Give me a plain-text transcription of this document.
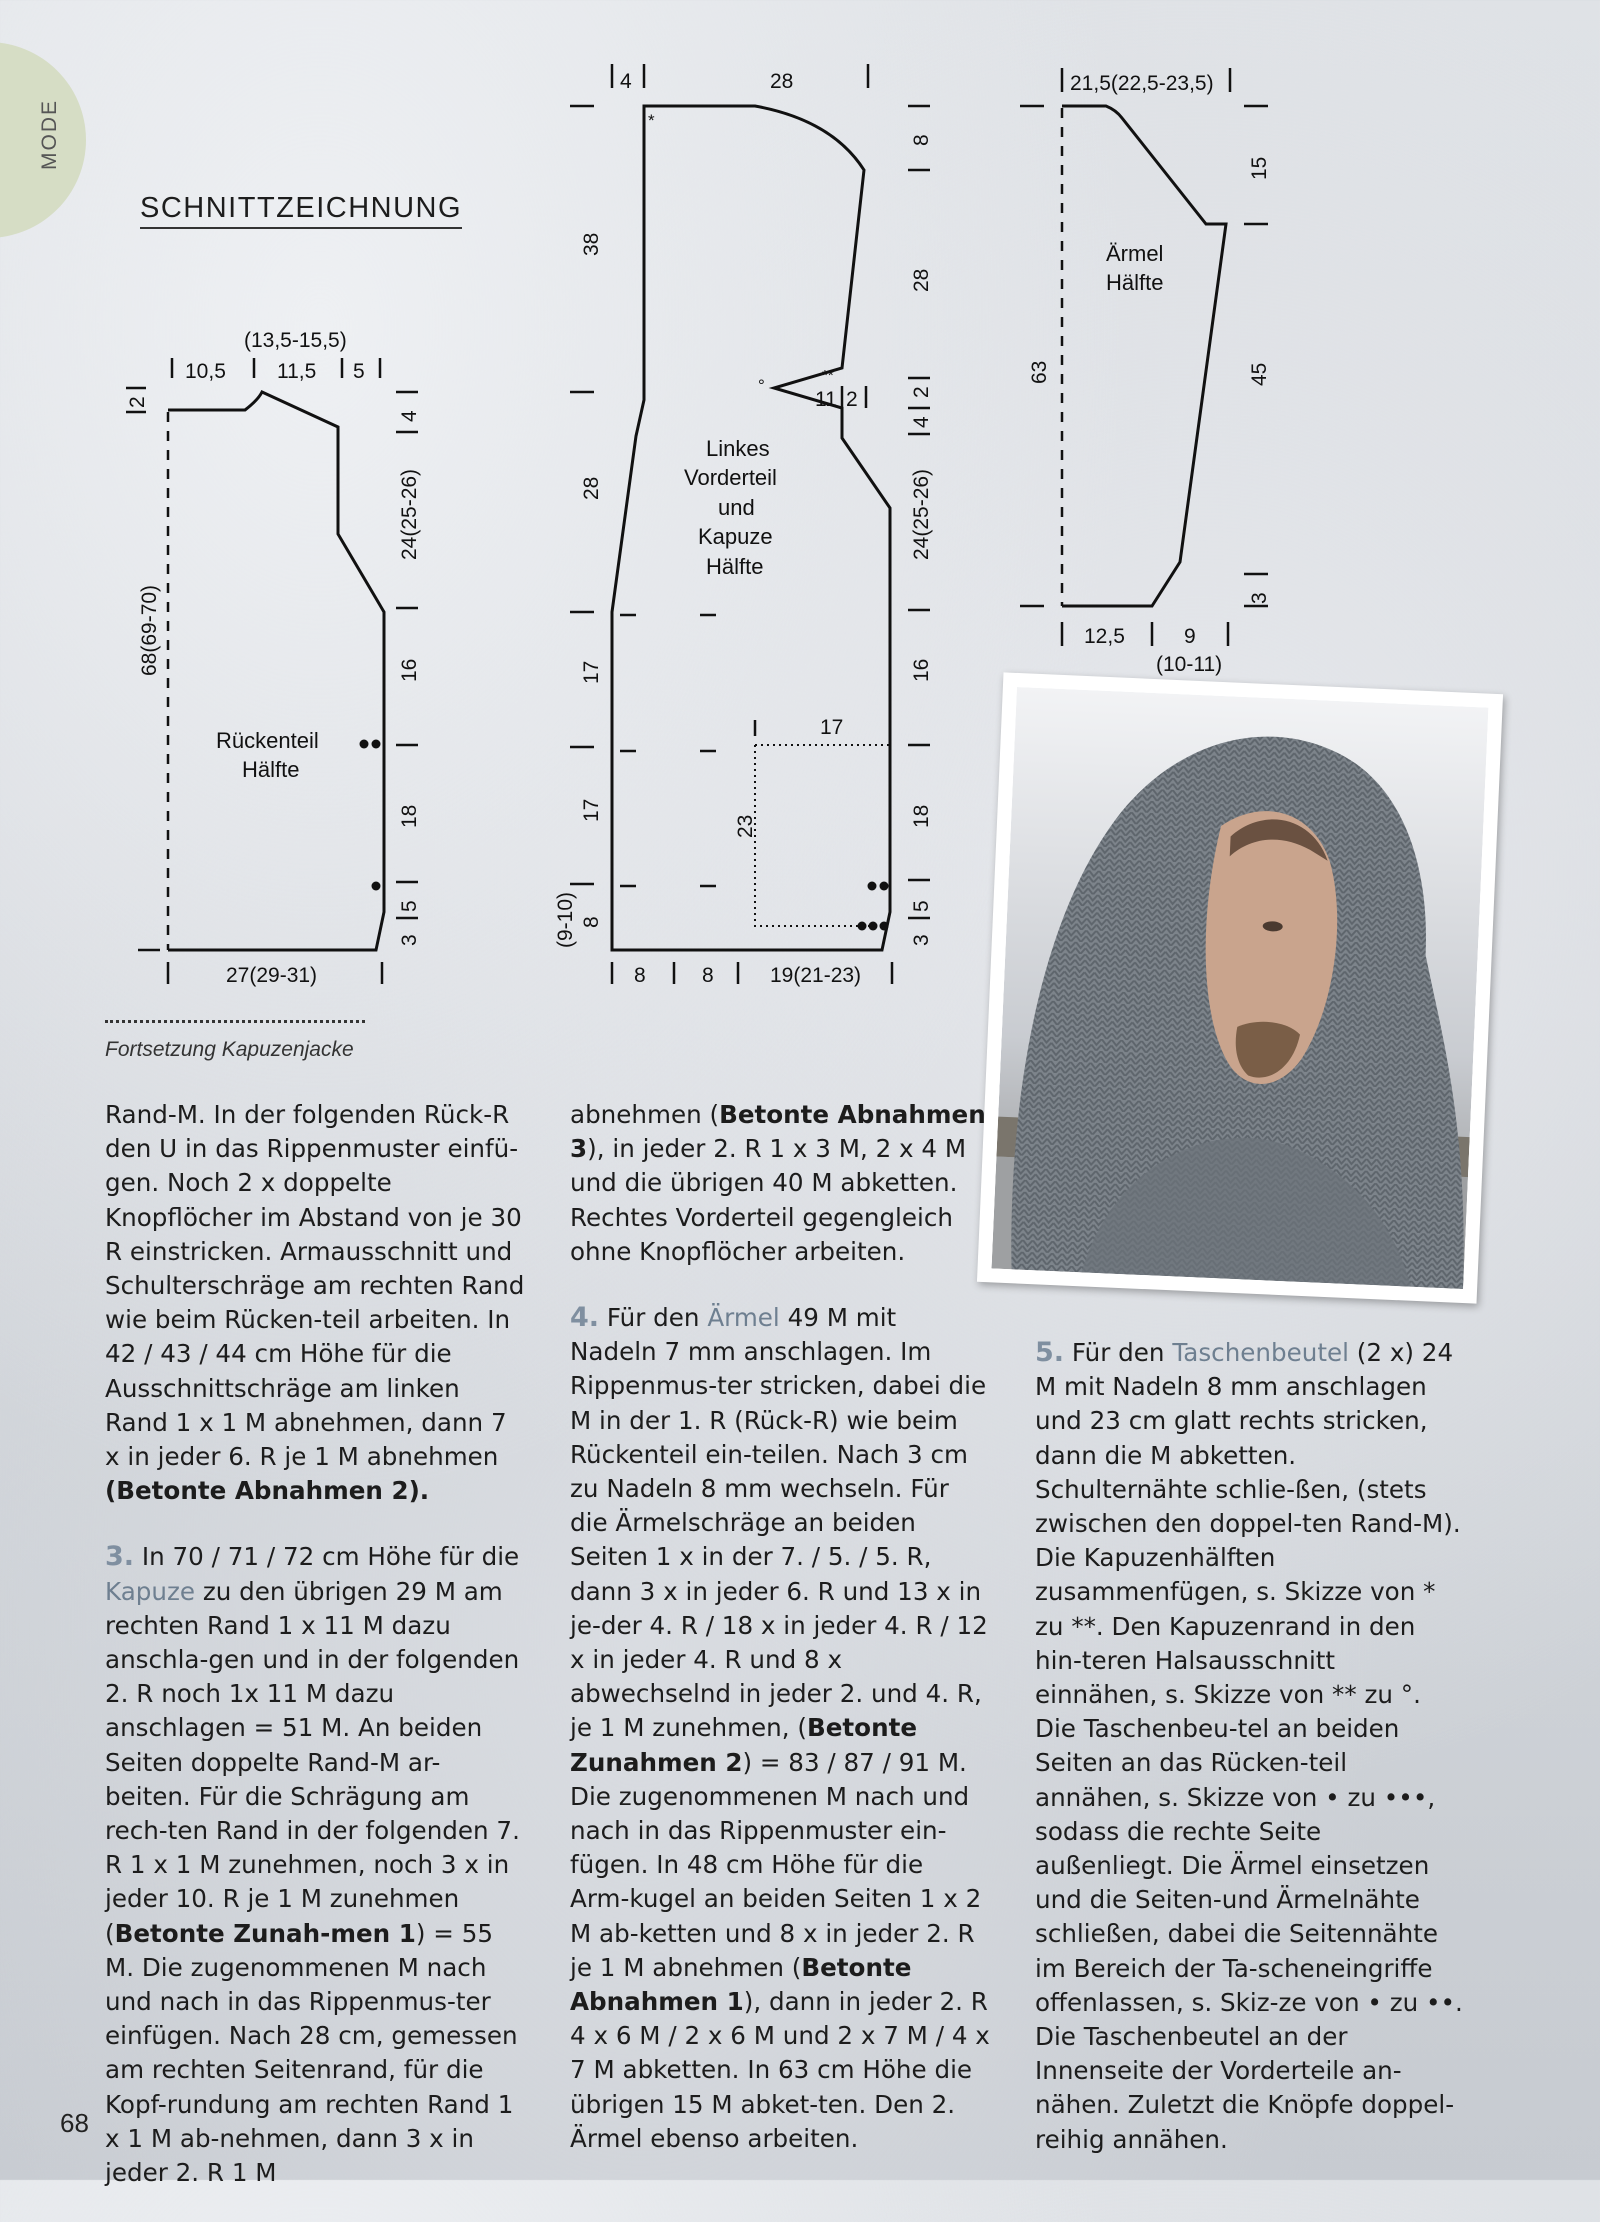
MODE
SCHNITTZEICHNUNG
10,5
(13,5-15,5)
11,5 5
2
68(69-70)
4
24(25-26)
16
18
5
3
27(29-31)
Rückenteil
Hälfte
17
23
*
**
°
4	28
38
28
17
17
8
(9-10)
8
28
2
4
11 2
24(25-26)
16
18
5
3
8	8	19(21-23)
Linkes
Vorderteil
und
Kapuze
Hälfte
21,5(22,5-23,5)
15
45
3
63
12,5	9
(10-11)
Ärmel
Hälfte
Fortsetzung Kapuzenjacke

Rand-M. In der folgenden Rück-R den U in das Rippenmuster einfü-gen. Noch 2 x doppelte Knopflöcher im Abstand von je 30 R einstricken. Armausschnitt und Schulterschräge am rechten Rand wie beim Rücken-teil arbeiten. In 42 / 43 / 44 cm Höhe für die Ausschnittschräge am linken Rand 1 x 1 M abnehmen, dann 7 x in jeder 6. R je 1 M abnehmen (Betonte Abnahmen 2).

3. In 70 / 71 / 72 cm Höhe für die Kapuze zu den übrigen 29 M am rechten Rand 1 x 11 M dazu anschla-gen und in der folgenden 2. R noch 1x 11 M dazu anschlagen = 51 M. An beiden Seiten doppelte Rand-M ar-beiten. Für die Schrägung am rech-ten Rand in der folgenden 7. R 1 x 1 M zunehmen, noch 3 x in jeder 10. R je 1 M zunehmen (Betonte Zunah-men 1) = 55 M. Die zugenommenen M nach und nach in das Rippenmus-ter einfügen. Nach 28 cm, gemessen am rechten Seitenrand, für die Kopf-rundung am rechten Rand 1 x 1 M ab-nehmen, dann 3 x in jeder 2. R 1 M

abnehmen (Betonte Abnahmen 3), in jeder 2. R 1 x 3 M, 2 x 4 M und die übrigen 40 M abketten. Rechtes Vorderteil gegengleich ohne Knopflöcher arbeiten.

4. Für den Ärmel 49 M mit Nadeln 7 mm anschlagen. Im Rippenmus-ter stricken, dabei die M in der 1. R (Rück-R) wie beim Rückenteil ein-teilen. Nach 3 cm zu Nadeln 8 mm wechseln. Für die Ärmelschräge an beiden Seiten 1 x in der 7. / 5. / 5. R, dann 3 x in jeder 6. R und 13 x in je-der 4. R / 18 x in jeder 4. R / 12 x in jeder 4. R und 8 x abwechselnd in jeder 2. und 4. R, je 1 M zunehmen, (Betonte Zunahmen 2) = 83 / 87 / 91 M. Die zugenommenen M nach und nach in das Rippenmuster ein-fügen. In 48 cm Höhe für die Arm-kugel an beiden Seiten 1 x 2 M ab-ketten und 8 x in jeder 2. R je 1 M abnehmen (Betonte Abnahmen 1), dann in jeder 2. R 4 x 6 M / 2 x 6 M und 2 x 7 M / 4 x 7 M abketten. In 63 cm Höhe die übrigen 15 M abket-ten. Den 2. Ärmel ebenso arbeiten.

5. Für den Taschenbeutel (2 x) 24 M mit Nadeln 8 mm anschlagen und 23 cm glatt rechts stricken, dann die M abketten. Schulternähte schlie-ßen, (stets zwischen den doppel-ten Rand-M). Die Kapuzenhälften zusammenfügen, s. Skizze von * zu **. Den Kapuzenrand in den hin-teren Halsausschnitt einnähen, s. Skizze von ** zu °. Die Taschenbeu-tel an beiden Seiten an das Rücken-teil annähen, s. Skizze von • zu •••, sodass die rechte Seite außenliegt. Die Ärmel einsetzen und die Seiten-und Ärmelnähte schließen, dabei die Seitennähte im Bereich der Ta-scheneingriffe offenlassen, s. Skiz-ze von • zu ••. Die Taschenbeutel an der Innenseite der Vorderteile an-nähen. Zuletzt die Knöpfe doppel-reihig annähen.

68
